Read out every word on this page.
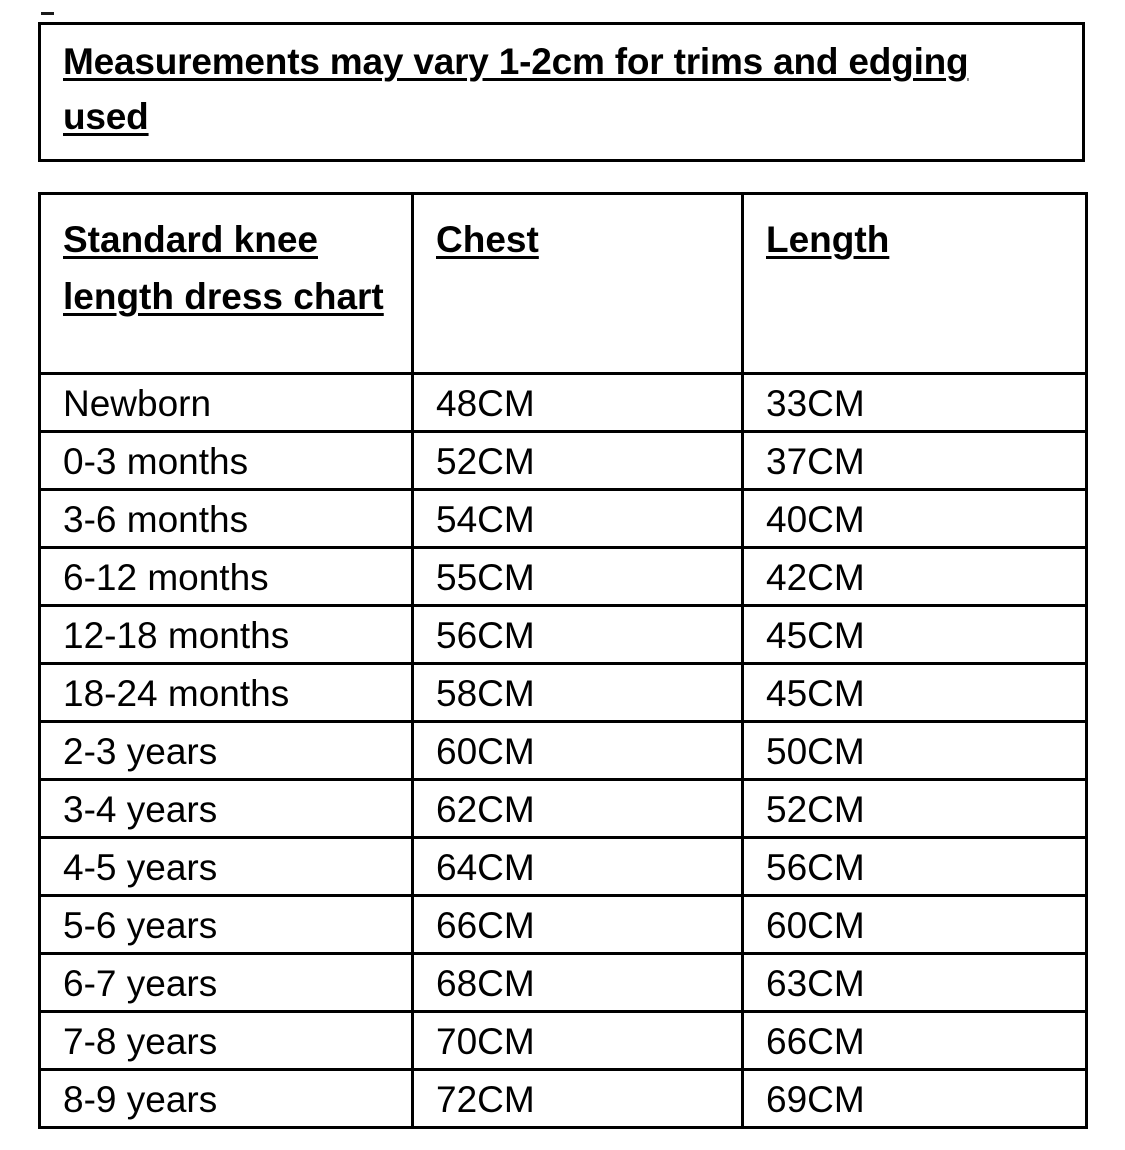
Measurements may vary 1-2cm for trims and edging used
Standard knee length dress chart	Chest	Length
Newborn	48CM	33CM
0-3 months	52CM	37CM
3-6 months	54CM	40CM
6-12 months	55CM	42CM
12-18 months	56CM	45CM
18-24 months	58CM	45CM
2-3 years	60CM	50CM
3-4 years	62CM	52CM
4-5 years	64CM	56CM
5-6 years	66CM	60CM
6-7 years	68CM	63CM
7-8 years	70CM	66CM
8-9 years	72CM	69CM
